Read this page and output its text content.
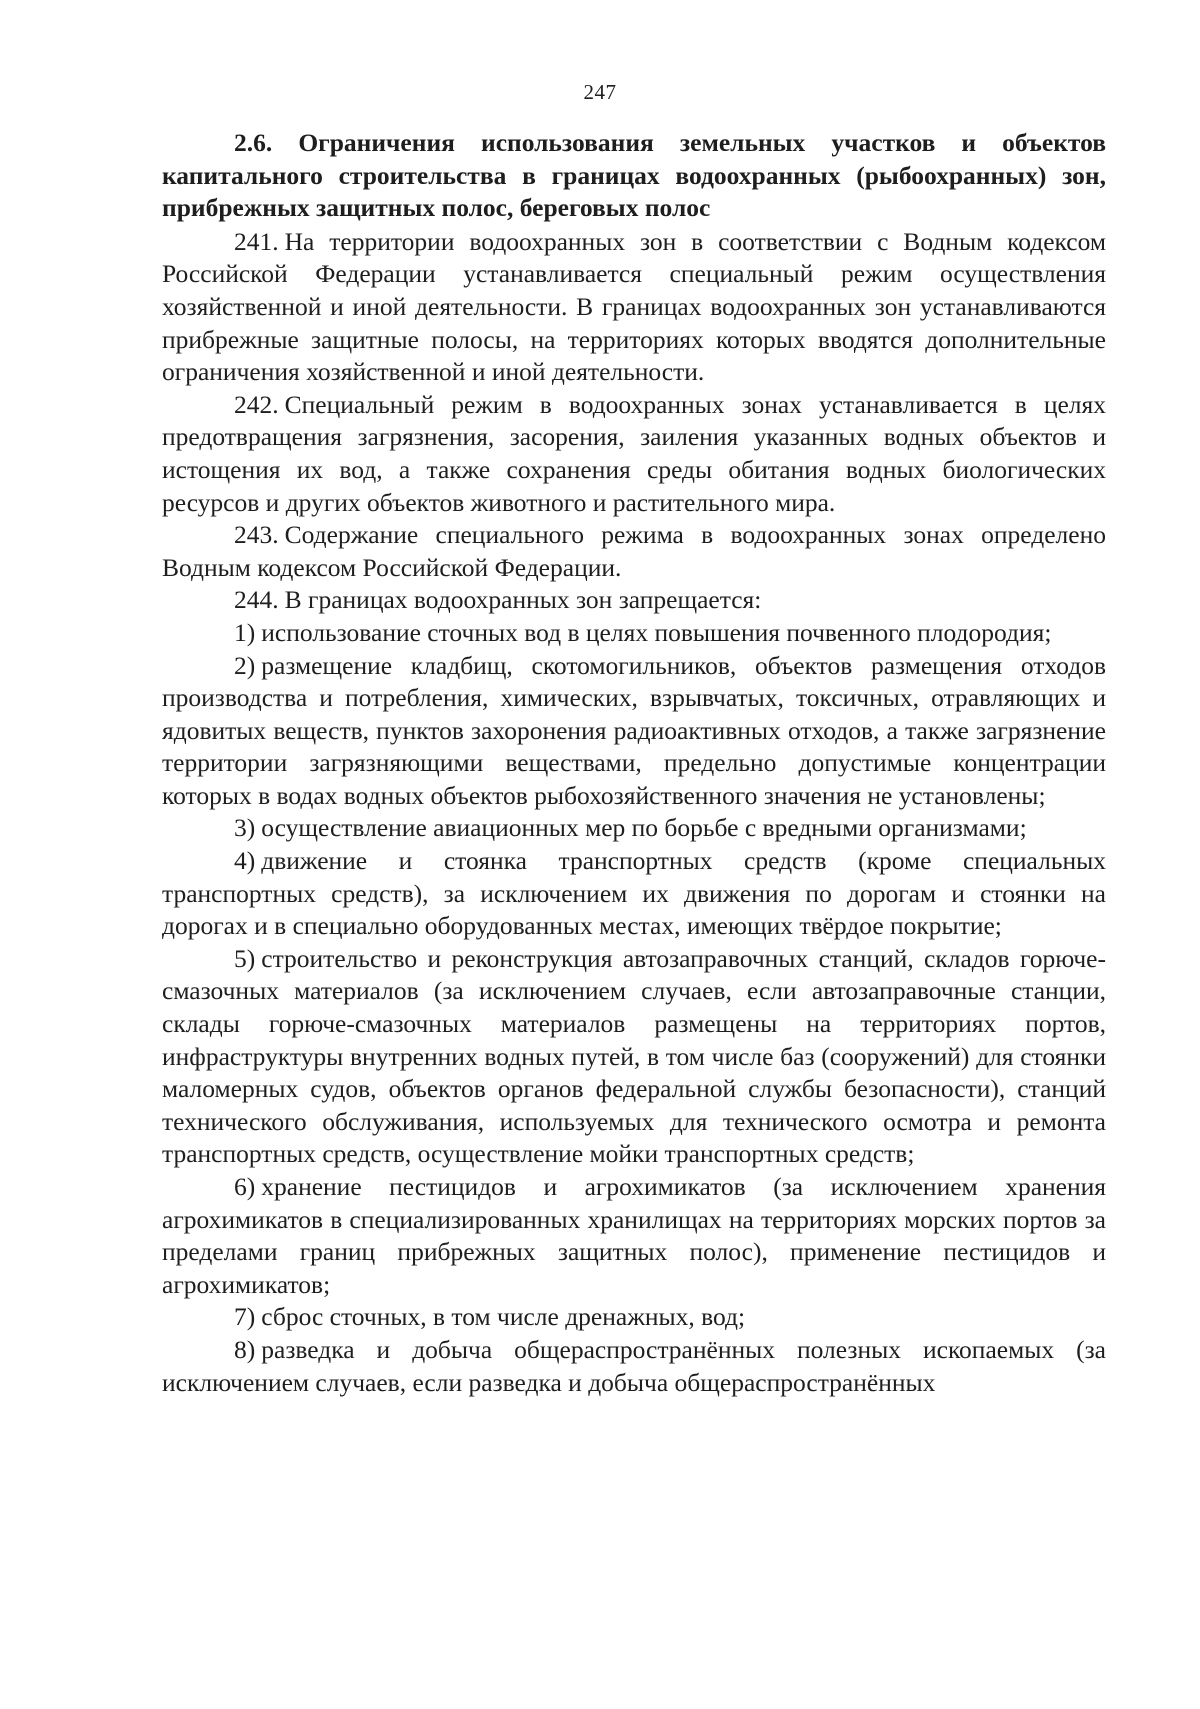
247

2.6. Ограничения использования земельных участков и объектов капитального строительства в границах водоохранных (рыбоохранных) зон, прибрежных защитных полос, береговых полос

241. На территории водоохранных зон в соответствии с Водным кодексом Российской Федерации устанавливается специальный режим осуществления хозяйственной и иной деятельности. В границах водоохранных зон устанавливаются прибрежные защитные полосы, на территориях которых вводятся дополнительные ограничения хозяйственной и иной деятельности.

242. Специальный режим в водоохранных зонах устанавливается в целях предотвращения загрязнения, засорения, заиления указанных водных объектов и истощения их вод, а также сохранения среды обитания водных биологических ресурсов и других объектов животного и растительного мира.

243. Содержание специального режима в водоохранных зонах определено Водным кодексом Российской Федерации.

244. В границах водоохранных зон запрещается:

1) использование сточных вод в целях повышения почвенного плодородия;

2) размещение кладбищ, скотомогильников, объектов размещения отходов производства и потребления, химических, взрывчатых, токсичных, отравляющих и ядовитых веществ, пунктов захоронения радиоактивных отходов, а также загрязнение территории загрязняющими веществами, предельно допустимые концентрации которых в водах водных объектов рыбохозяйственного значения не установлены;

3) осуществление авиационных мер по борьбе с вредными организмами;

4) движение и стоянка транспортных средств (кроме специальных транспортных средств), за исключением их движения по дорогам и стоянки на дорогах и в специально оборудованных местах, имеющих твёрдое покрытие;

5) строительство и реконструкция автозаправочных станций, складов горюче-смазочных материалов (за исключением случаев, если автозаправочные станции, склады горюче-смазочных материалов размещены на территориях портов, инфраструктуры внутренних водных путей, в том числе баз (сооружений) для стоянки маломерных судов, объектов органов федеральной службы безопасности), станций технического обслуживания, используемых для технического осмотра и ремонта транспортных средств, осуществление мойки транспортных средств;

6) хранение пестицидов и агрохимикатов (за исключением хранения агрохимикатов в специализированных хранилищах на территориях морских портов за пределами границ прибрежных защитных полос), применение пестицидов и агрохимикатов;

7) сброс сточных, в том числе дренажных, вод;

8) разведка и добыча общераспространённых полезных ископаемых (за исключением случаев, если разведка и добыча общераспространённых
